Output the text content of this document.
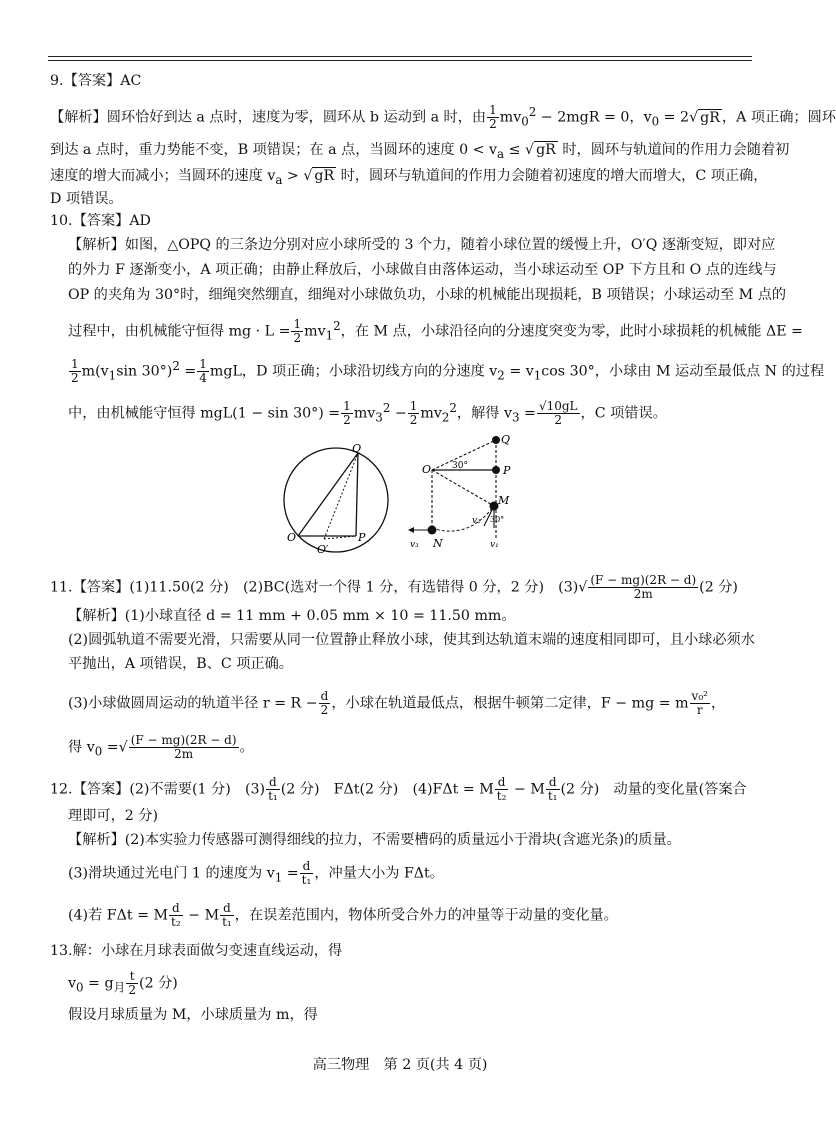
9.【答案】AC
【解析】圆环恰好到达 a 点时，速度为零，圆环从 b 运动到 a 时，由 $\frac{1}{2} mv_0^2 - 2mgR = 0$，$v_0 = 2√$ gR ，A 项正确；圆环
到达 a 点时，重力势能不变，B 项错误；在 a 点，当圆环的速度 $0 < v_a$ ≤ √ gR 时，圆环与轨道间的作用力会随着初
速度的增大而减小；当圆环的速度 $v_a$ > √ gR 时，圆环与轨道间的作用力会随着初速度的增大而增大，C 项正确，
D 项错误。
10.【答案】AD
【解析】如图，△OPQ 的三条边分别对应小球所受的 3 个力，随着小球位置的缓慢上升，O′Q 逐渐变短，即对应
的外力 F 逐渐变小，A 项正确；由静止释放后，小球做自由落体运动，当小球运动至 OP 下方且和 O 点的连线与
OP 的夹角为 30°时，细绳突然绷直，细绳对小球做负功，小球的机械能出现损耗，B 项错误；小球运动至 M 点的
过程中，由机械能守恒得 mg · $L = \frac{1}{2} mv_1^2$，在 M 点，小球沿径向的分速度突变为零，此时小球损耗的机械能 ΔE =
$\frac{1}{2} m(v_1\sin$ $30^\circ)^2 = \frac{1}{4}$ mgL，D 项正确；小球沿切线方向的分速度 $v_2 = v_1\cos$ 30°，小球由 M 运动至最低点 N 的过程
中，由机械能守恒得 $mgL(1 - \sin 30^\circ) = \frac{1}{2} mv_3^2 - \frac{1}{2} mv_2^2$，解得 $v_3 = \frac{√10gL}{2}$ ，C 项错误。
O
O′
P
Q
Q
O	P
M
N
30°
30°
v₁
v₂
v₃
11.【答案】(1)11.50(2 分)　(2)BC(选对一个得 1 分，有选错得 0 分，2 分)　$(3)√ \frac{(F - mg)(2R - d)}{2m} (2$ 分)
【解析】(1)小球直径 d = 11 mm + 0.05 mm × 10 = 11.50 mm。
(2)圆弧轨道不需要光滑，只需要从同一位置静止释放小球，使其到达轨道末端的速度相同即可，且小球必须水
平抛出，A 项错误，B、C 项正确。
(3)小球做圆周运动的轨道半径 $r = R - \frac{d}{2}$ ，小球在轨道最低点，根据牛顿第二定律，F − mg = m $\frac{\text{v₀²}}{r}$ ，
得 $v_0$ =√ $\frac{(F - mg)(2R - d)}{2m}$ 。
12.【答案】(2)不需要(1 分)　$(3) \frac{d}{\text{t₁}} (2$ 分)　FΔt(2 分)　(4)FΔt = M $\frac{d}{\text{t₂}} - M \frac{d}{\text{t₁}} (2$ 分)　动量的变化量(答案合
理即可，2 分)
【解析】(2)本实验力传感器可测得细线的拉力，不需要槽码的质量远小于滑块(含遮光条)的质量。
(3)滑块通过光电门 1 的速度为 $v_1 = \frac{d}{\text{t₁}}$ ，冲量大小为 FΔt。
(4)若 FΔt = M $\frac{d}{\text{t₂}} - M \frac{d}{\text{t₁}}$ ，在误差范围内，物体所受合外力的冲量等于动量的变化量。
13.解：小球在月球表面做匀变速直线运动，得
$v_0 = g_月 \frac{t}{2} (2$ 分)
假设月球质量为 M，小球质量为 m，得
高三物理　第 2 页(共 4 页)
